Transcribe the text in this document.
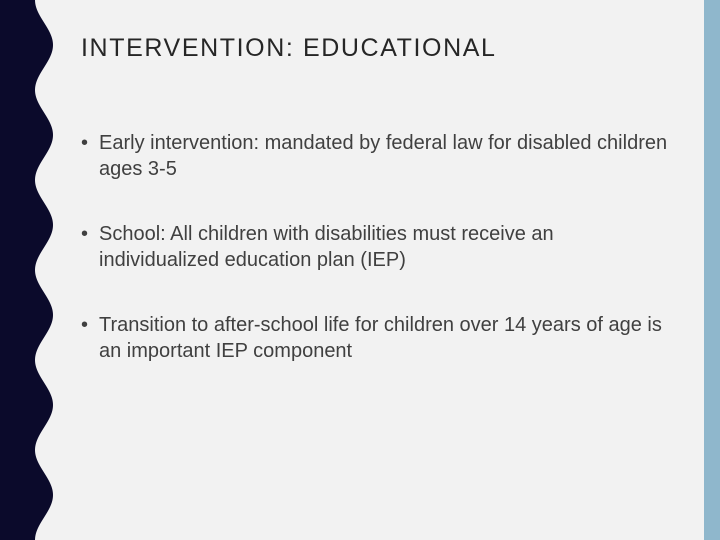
INTERVENTION: EDUCATIONAL
• Early intervention: mandated by federal law for disabled children ages 3-5
• School: All children with disabilities must receive an individualized education plan (IEP)
• Transition to after-school life for children over 14 years of age is an important IEP component
